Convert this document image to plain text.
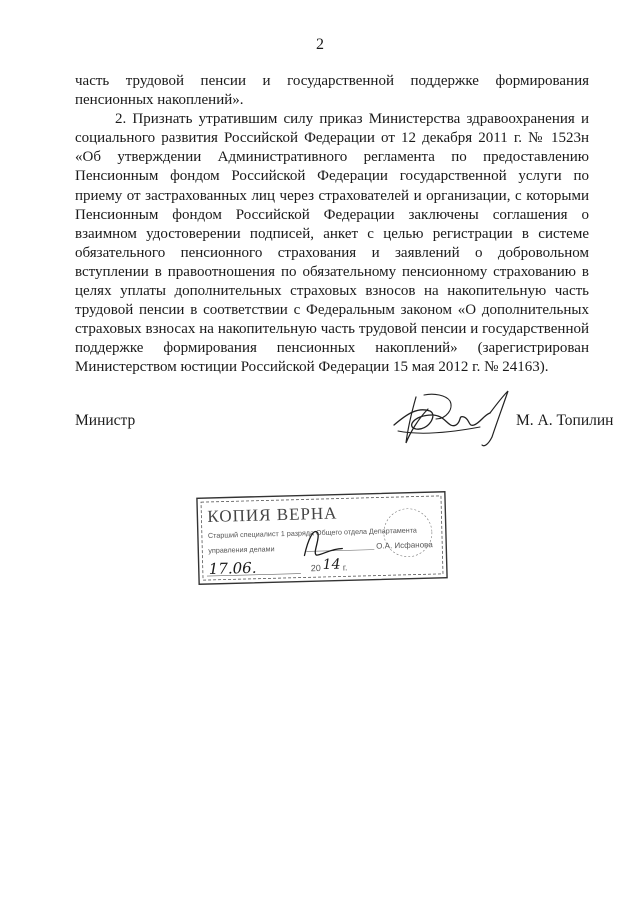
2

часть трудовой пенсии и государственной поддержке формирования пенсионных накоплений».

2. Признать утратившим силу приказ Министерства здравоохранения и социального развития Российской Федерации от 12 декабря 2011 г. № 1523н «Об утверждении Административного регламента по предоставлению Пенсионным фондом Российской Федерации государственной услуги по приему от застрахованных лиц через страхователей и организации, с которыми Пенсионным фондом Российской Федерации заключены соглашения о взаимном удостоверении подписей, анкет с целью регистрации в системе обязательного пенсионного страхования и заявлений о добровольном вступлении в правоотношения по обязательному пенсионному страхованию в целях уплаты дополнительных страховых взносов на накопительную часть трудовой пенсии в соответствии с Федеральным законом «О дополнительных страховых взносах на накопительную часть трудовой пенсии и государственной поддержке формирования пенсионных накоплений» (зарегистрирован Министерством юстиции Российской Федерации 15 мая 2012 г. № 24163).

Министр	М. А. Топилин
КОПИЯ ВЕРНА
Старший специалист 1 разряда Общего отдела Департамента
управления делами	О.А. Исфанова
17.06.	20 14 г.
